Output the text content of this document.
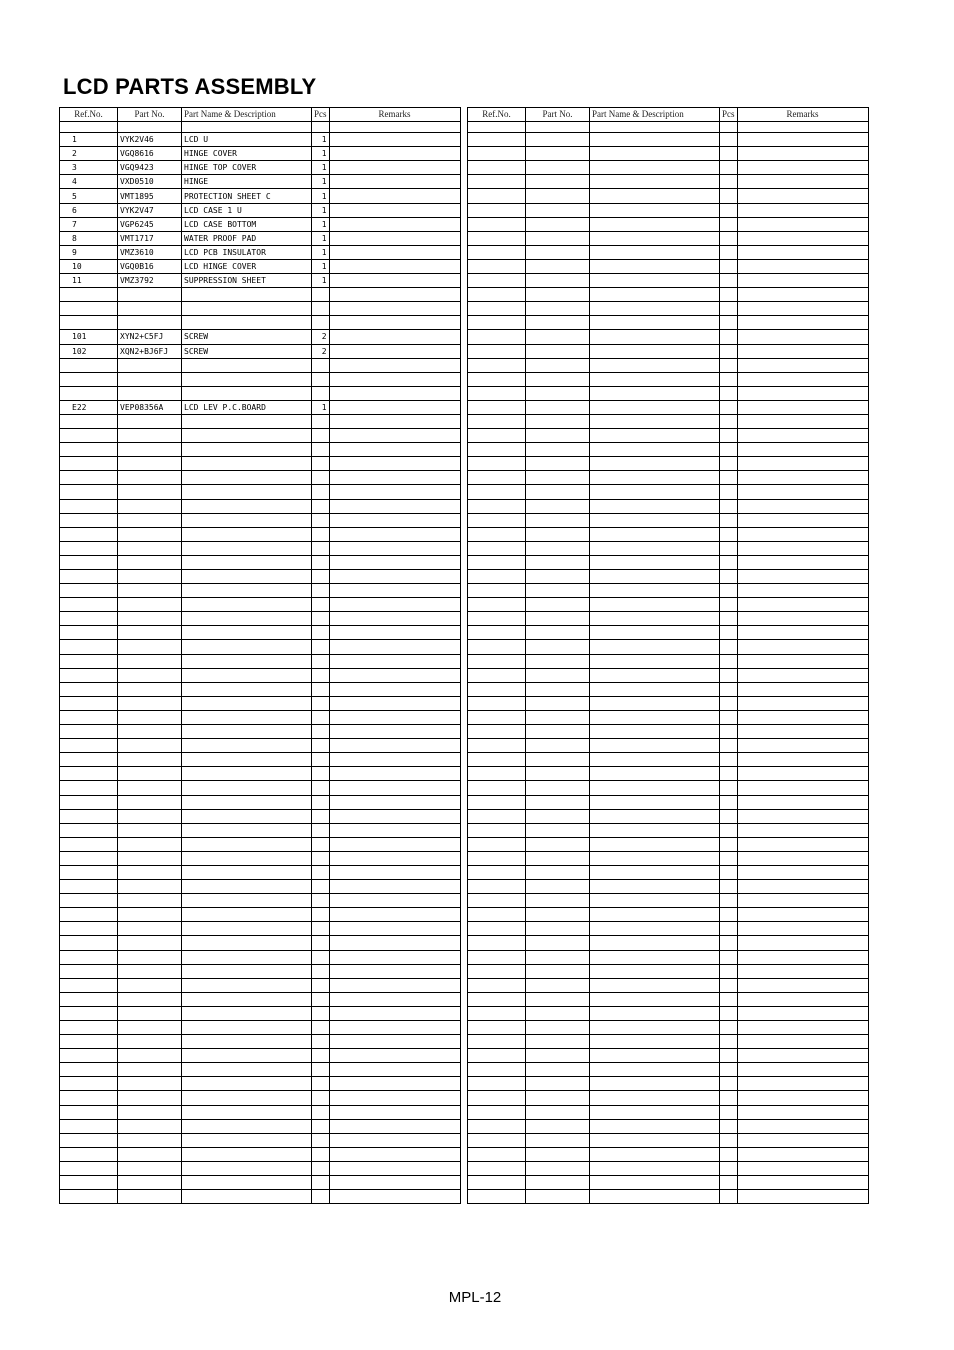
LCD PARTS ASSEMBLY
Ref.No.	Part No.	Part Name & Description	Pcs	Remarks

1	VYK2V46	LCD U	1	
2	VGQ8616	HINGE COVER	1	
3	VGQ9423	HINGE TOP COVER	1	
4	VXD0510	HINGE	1	
5	VMT1895	PROTECTION SHEET C	1	
6	VYK2V47	LCD CASE 1 U	1	
7	VGP6245	LCD CASE BOTTOM	1	
8	VMT1717	WATER PROOF PAD	1	
9	VMZ3610	LCD PCB INSULATOR	1	
10	VGQ0B16	LCD HINGE COVER	1	
11	VMZ3792	SUPPRESSION SHEET	1	

101	XYN2+C5FJ	SCREW	2	
102	XQN2+BJ6FJ	SCREW	2	

E22	VEP08356A	LCD LEV P.C.BOARD	1	

Ref.No.	Part No.	Part Name & Description	Pcs	Remarks

MPL-12
